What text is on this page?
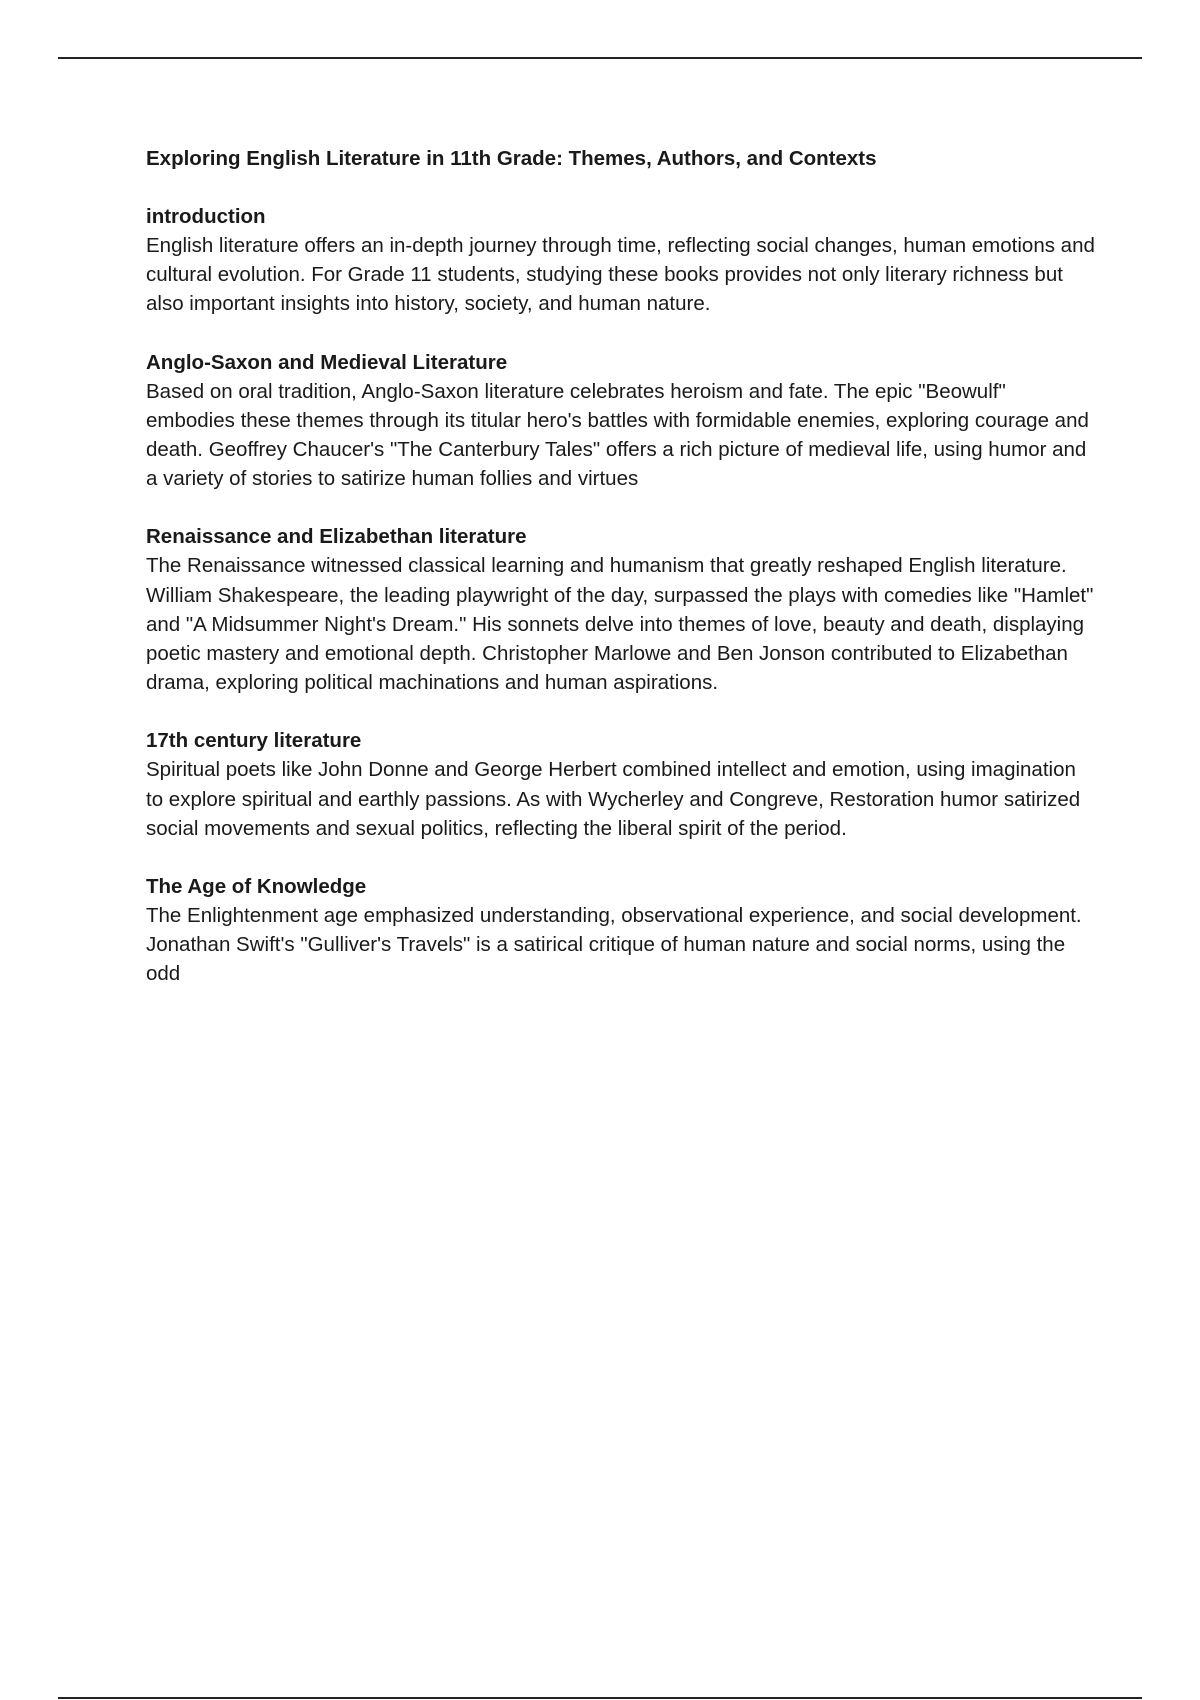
Exploring English Literature in 11th Grade: Themes, Authors, and Contexts
introduction
English literature offers an in-depth journey through time, reflecting social changes, human emotions and cultural evolution. For Grade 11 students, studying these books provides not only literary richness but also important insights into history, society, and human nature.
Anglo-Saxon and Medieval Literature
Based on oral tradition, Anglo-Saxon literature celebrates heroism and fate. The epic "Beowulf" embodies these themes through its titular hero's battles with formidable enemies, exploring courage and death. Geoffrey Chaucer's "The Canterbury Tales" offers a rich picture of medieval life, using humor and a variety of stories to satirize human follies and virtues
Renaissance and Elizabethan literature
The Renaissance witnessed classical learning and humanism that greatly reshaped English literature. William Shakespeare, the leading playwright of the day, surpassed the plays with comedies like "Hamlet" and "A Midsummer Night's Dream." His sonnets delve into themes of love, beauty and death, displaying poetic mastery and emotional depth. Christopher Marlowe and Ben Jonson contributed to Elizabethan drama, exploring political machinations and human aspirations.
17th century literature
Spiritual poets like John Donne and George Herbert combined intellect and emotion, using imagination to explore spiritual and earthly passions. As with Wycherley and Congreve, Restoration humor satirized social movements and sexual politics, reflecting the liberal spirit of the period.
The Age of Knowledge
The Enlightenment age emphasized understanding, observational experience, and social development. Jonathan Swift's "Gulliver's Travels" is a satirical critique of human nature and social norms, using the odd
